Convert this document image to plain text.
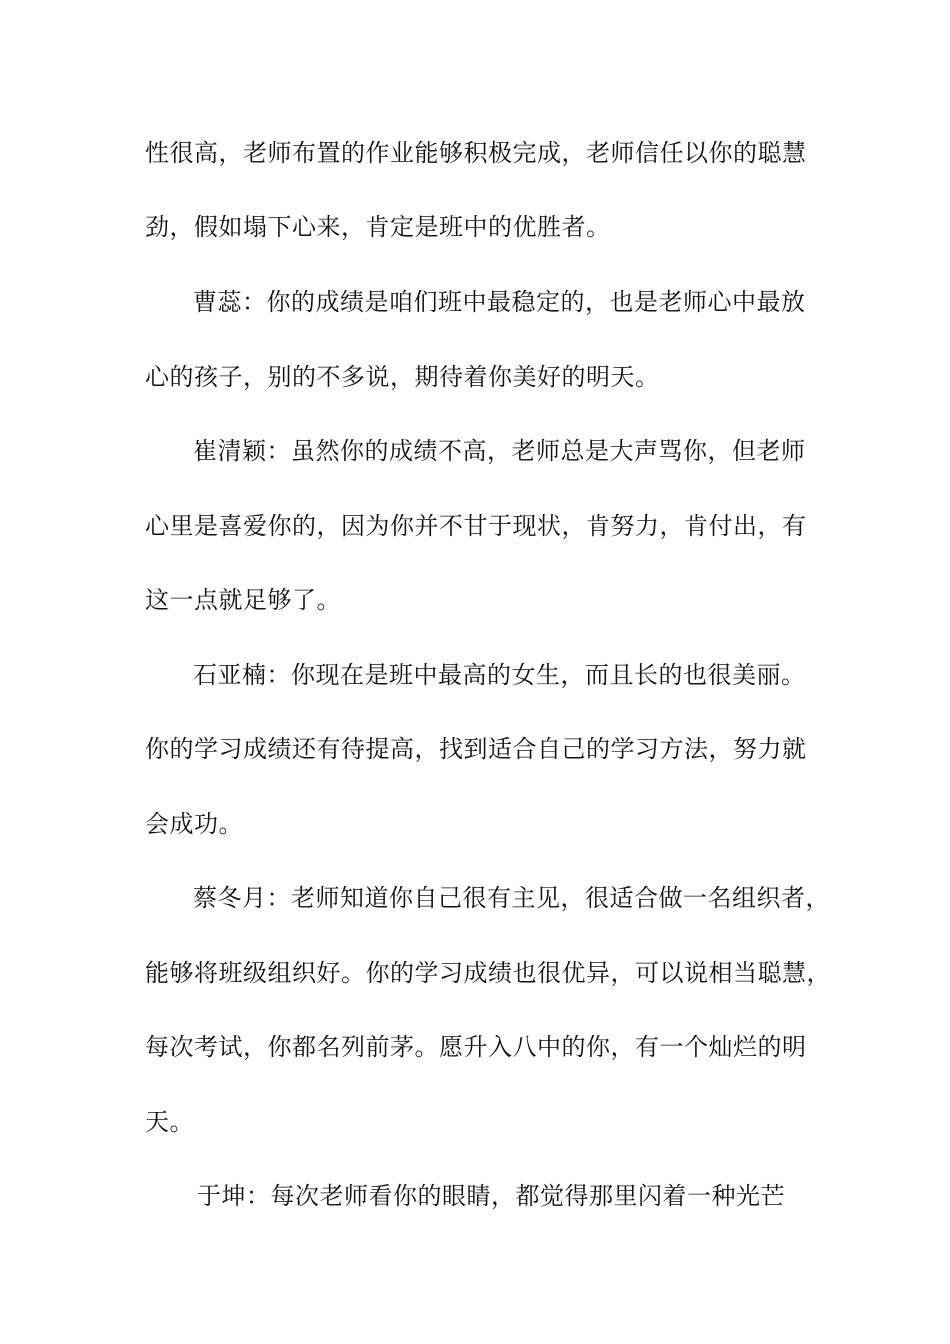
性很高，老师布置的作业能够积极完成，老师信任以你的聪慧
劲，假如塌下心来，肯定是班中的优胜者。
曹蕊：你的成绩是咱们班中最稳定的，也是老师心中最放
心的孩子，别的不多说，期待着你美好的明天。
崔清颖：虽然你的成绩不高，老师总是大声骂你，但老师
心里是喜爱你的，因为你并不甘于现状，肯努力，肯付出，有
这一点就足够了。
石亚楠：你现在是班中最高的女生，而且长的也很美丽。
你的学习成绩还有待提高，找到适合自己的学习方法，努力就
会成功。
蔡冬月：老师知道你自己很有主见，很适合做一名组织者，
能够将班级组织好。你的学习成绩也很优异，可以说相当聪慧，
每次考试，你都名列前茅。愿升入八中的你，有一个灿烂的明
天。
于坤：每次老师看你的眼睛，都觉得那里闪着一种光芒
